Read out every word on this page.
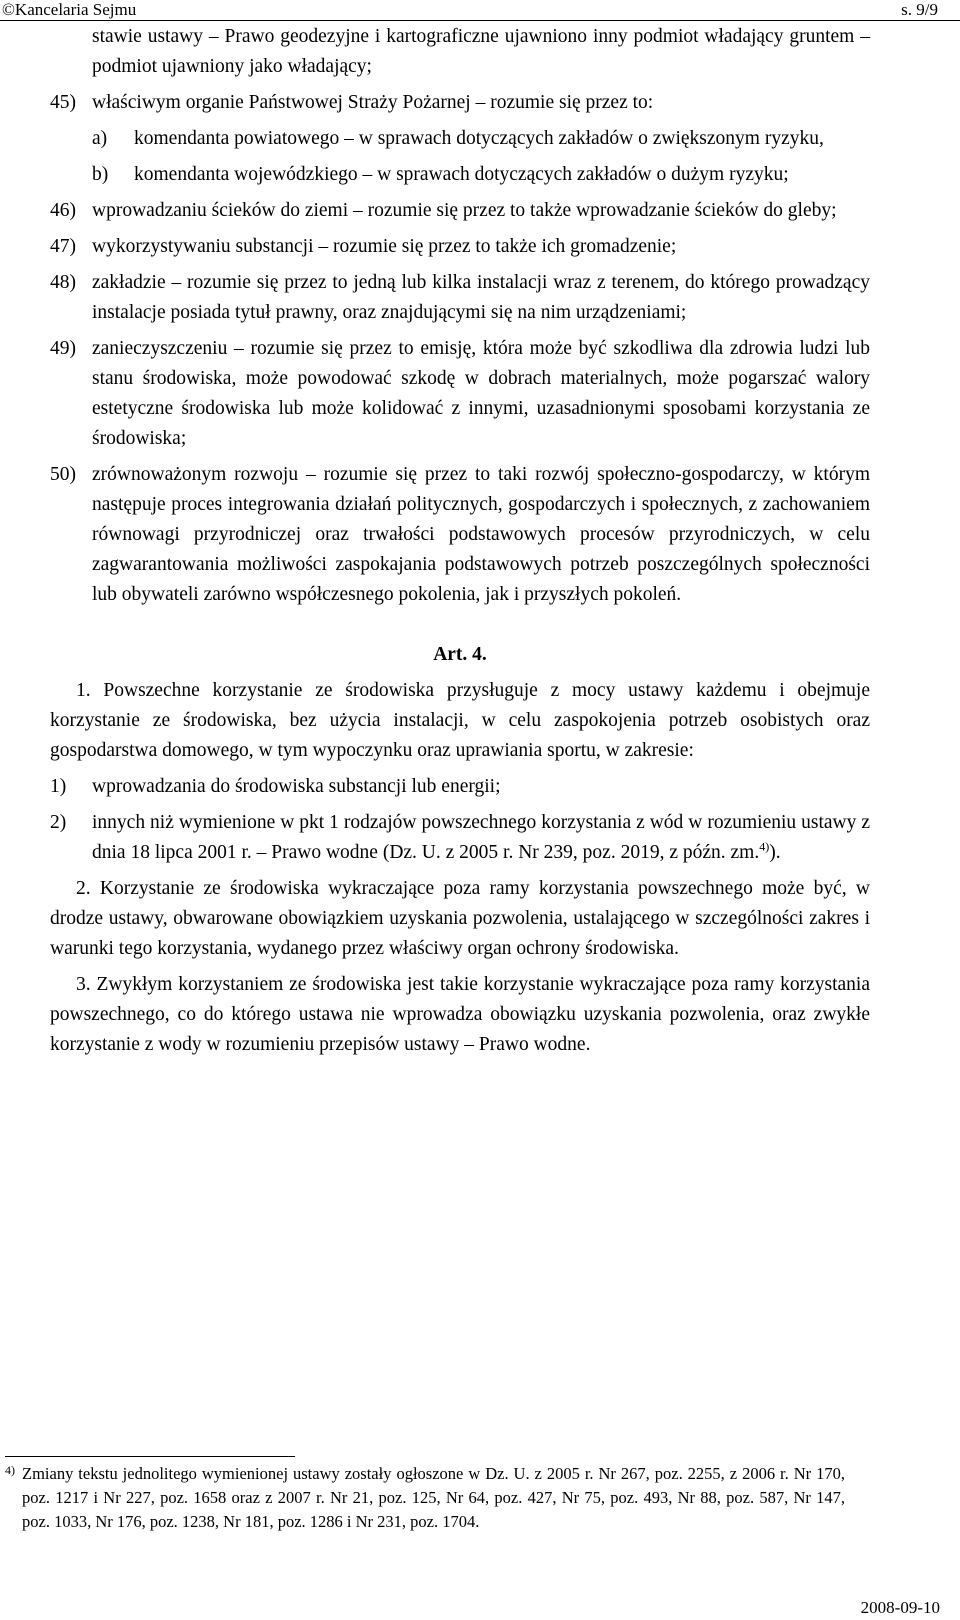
©Kancelaria Sejmu	s. 9/9

stawie ustawy – Prawo geodezyjne i kartograficzne ujawniono inny podmiot władający gruntem – podmiot ujawniony jako władający;

45) właściwym organie Państwowej Straży Pożarnej – rozumie się przez to:
a) komendanta powiatowego – w sprawach dotyczących zakładów o zwiększonym ryzyku,
b) komendanta wojewódzkiego – w sprawach dotyczących zakładów o dużym ryzyku;
46) wprowadzaniu ścieków do ziemi – rozumie się przez to także wprowadzanie ścieków do gleby;
47) wykorzystywaniu substancji – rozumie się przez to także ich gromadzenie;
48) zakładzie – rozumie się przez to jedną lub kilka instalacji wraz z terenem, do którego prowadzący instalacje posiada tytuł prawny, oraz znajdującymi się na nim urządzeniami;
49) zanieczyszczeniu – rozumie się przez to emisję, która może być szkodliwa dla zdrowia ludzi lub stanu środowiska, może powodować szkodę w dobrach materialnych, może pogarszać walory estetyczne środowiska lub może kolidować z innymi, uzasadnionymi sposobami korzystania ze środowiska;
50) zrównoważonym rozwoju – rozumie się przez to taki rozwój społeczno-gospodarczy, w którym następuje proces integrowania działań politycznych, gospodarczych i społecznych, z zachowaniem równowagi przyrodniczej oraz trwałości podstawowych procesów przyrodniczych, w celu zagwarantowania możliwości zaspokajania podstawowych potrzeb poszczególnych społeczności lub obywateli zarówno współczesnego pokolenia, jak i przyszłych pokoleń.
Art. 4.

1. Powszechne korzystanie ze środowiska przysługuje z mocy ustawy każdemu i obejmuje korzystanie ze środowiska, bez użycia instalacji, w celu zaspokojenia potrzeb osobistych oraz gospodarstwa domowego, w tym wypoczynku oraz uprawiania sportu, w zakresie:

1) wprowadzania do środowiska substancji lub energii;
2) innych niż wymienione w pkt 1 rodzajów powszechnego korzystania z wód w rozumieniu ustawy z dnia 18 lipca 2001 r. – Prawo wodne (Dz. U. z 2005 r. Nr 239, poz. 2019, z późn. zm.$^{4)}$).

2. Korzystanie ze środowiska wykraczające poza ramy korzystania powszechnego może być, w drodze ustawy, obwarowane obowiązkiem uzyskania pozwolenia, ustalającego w szczególności zakres i warunki tego korzystania, wydanego przez właściwy organ ochrony środowiska.

3. Zwykłym korzystaniem ze środowiska jest takie korzystanie wykraczające poza ramy korzystania powszechnego, co do którego ustawa nie wprowadza obowiązku uzyskania pozwolenia, oraz zwykłe korzystanie z wody w rozumieniu przepisów ustawy – Prawo wodne.

4) Zmiany tekstu jednolitego wymienionej ustawy zostały ogłoszone w Dz. U. z 2005 r. Nr 267, poz. 2255, z 2006 r. Nr 170, poz. 1217 i Nr 227, poz. 1658 oraz z 2007 r. Nr 21, poz. 125, Nr 64, poz. 427, Nr 75, poz. 493, Nr 88, poz. 587, Nr 147, poz. 1033, Nr 176, poz. 1238, Nr 181, poz. 1286 i Nr 231, poz. 1704.
2008-09-10
